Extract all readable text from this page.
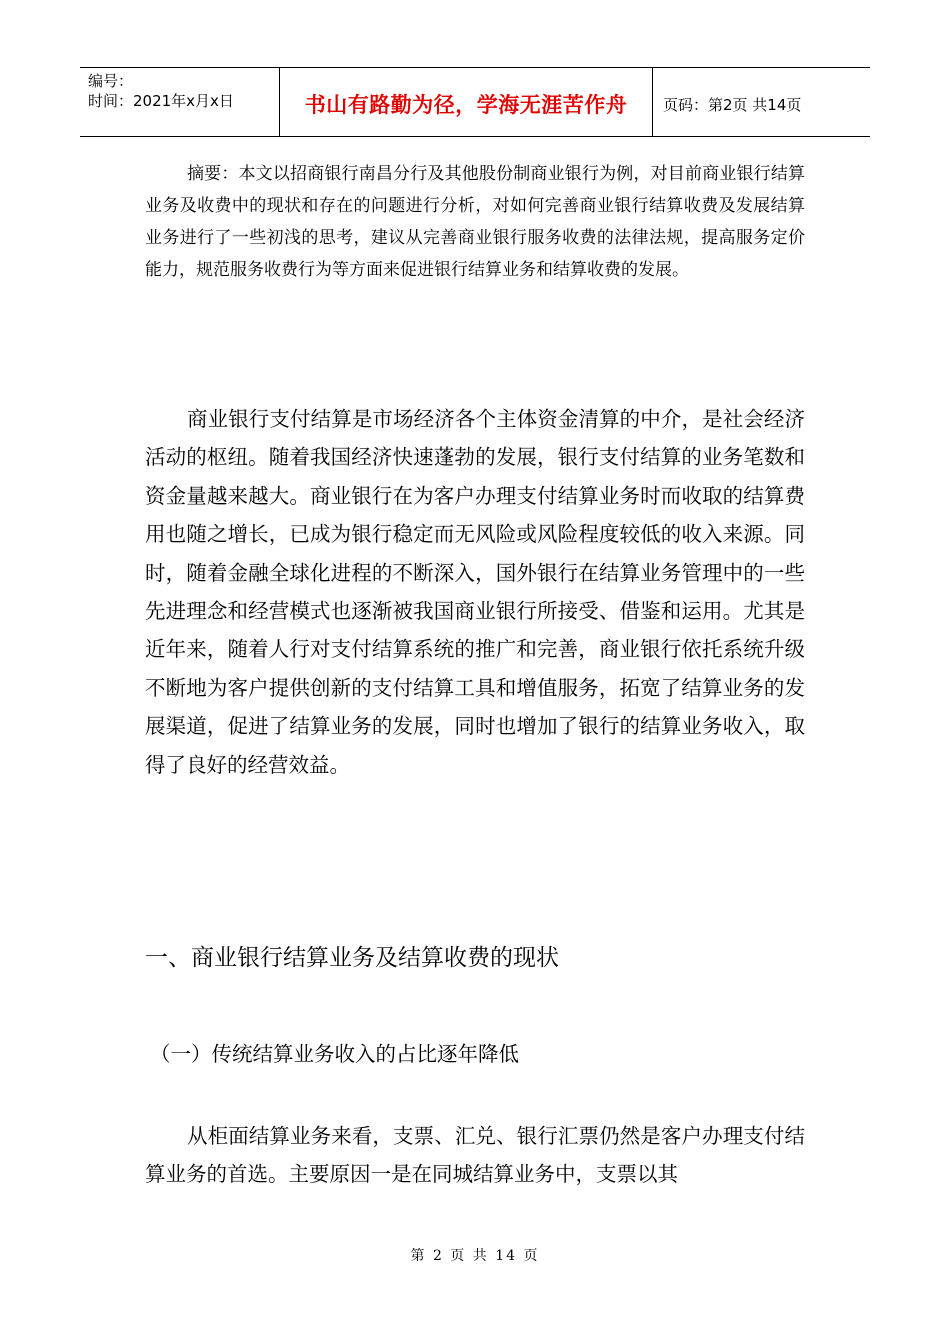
编号：
时间：2021年x月x日	书山有路勤为径，学海无涯苦作舟	页码：第2页 共14页

摘要：本文以招商银行南昌分行及其他股份制商业银行为例，对目前商业银行结算业务及收费中的现状和存在的问题进行分析，对如何完善商业银行结算收费及发展结算业务进行了一些初浅的思考，建议从完善商业银行服务收费的法律法规，提高服务定价能力，规范服务收费行为等方面来促进银行结算业务和结算收费的发展。

商业银行支付结算是市场经济各个主体资金清算的中介，是社会经济活动的枢纽。随着我国经济快速蓬勃的发展，银行支付结算的业务笔数和资金量越来越大。商业银行在为客户办理支付结算业务时而收取的结算费用也随之增长，已成为银行稳定而无风险或风险程度较低的收入来源。同时，随着金融全球化进程的不断深入，国外银行在结算业务管理中的一些先进理念和经营模式也逐渐被我国商业银行所接受、借鉴和运用。尤其是近年来，随着人行对支付结算系统的推广和完善，商业银行依托系统升级不断地为客户提供创新的支付结算工具和增值服务，拓宽了结算业务的发展渠道，促进了结算业务的发展，同时也增加了银行的结算业务收入，取得了良好的经营效益。

一、商业银行结算业务及结算收费的现状
（一）传统结算业务收入的占比逐年降低

从柜面结算业务来看，支票、汇兑、银行汇票仍然是客户办理支付结算业务的首选。主要原因一是在同城结算业务中，支票以其

第 2 页 共 14 页
